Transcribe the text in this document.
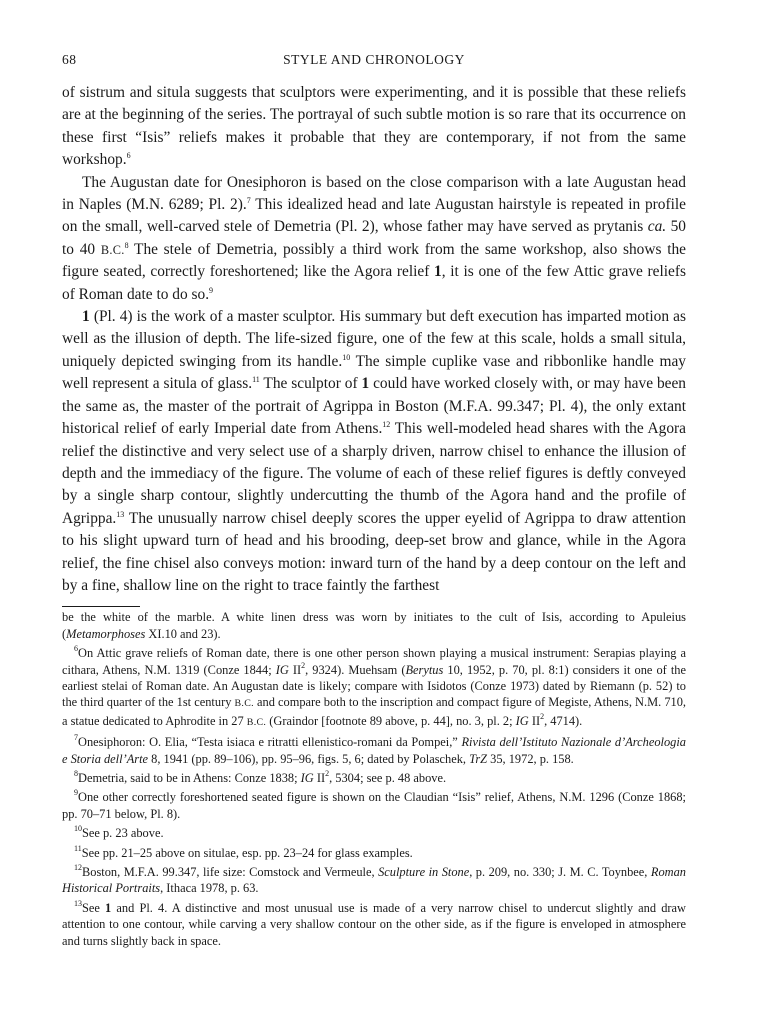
68	STYLE AND CHRONOLOGY

of sistrum and situla suggests that sculptors were experimenting, and it is possible that these reliefs are at the beginning of the series. The portrayal of such subtle motion is so rare that its occurrence on these first “Isis” reliefs makes it probable that they are contemporary, if not from the same workshop.$^6$

The Augustan date for Onesiphoron is based on the close comparison with a late Augustan head in Naples (M.N. 6289; Pl. 2).$^7$ This idealized head and late Augustan hairstyle is repeated in profile on the small, well-carved stele of Demetria (Pl. 2), whose father may have served as prytanis ca. 50 to 40 B.C.$^8$ The stele of Demetria, possibly a third work from the same workshop, also shows the figure seated, correctly foreshortened; like the Agora relief 1, it is one of the few Attic grave reliefs of Roman date to do so.$^9$

1 (Pl. 4) is the work of a master sculptor. His summary but deft execution has imparted motion as well as the illusion of depth. The life-sized figure, one of the few at this scale, holds a small situla, uniquely depicted swinging from its handle.$^{10}$ The simple cuplike vase and ribbonlike handle may well represent a situla of glass.$^{11}$ The sculptor of 1 could have worked closely with, or may have been the same as, the master of the portrait of Agrippa in Boston (M.F.A. 99.347; Pl. 4), the only extant historical relief of early Imperial date from Athens.$^{12}$ This well-modeled head shares with the Agora relief the distinctive and very select use of a sharply driven, narrow chisel to enhance the illusion of depth and the immediacy of the figure. The volume of each of these relief figures is deftly conveyed by a single sharp contour, slightly undercutting the thumb of the Agora hand and the profile of Agrippa.$^{13}$ The unusually narrow chisel deeply scores the upper eyelid of Agrippa to draw attention to his slight upward turn of head and his brooding, deep-set brow and glance, while in the Agora relief, the fine chisel also conveys motion: inward turn of the hand by a deep contour on the left and by a fine, shallow line on the right to trace faintly the farthest

be the white of the marble. A white linen dress was worn by initiates to the cult of Isis, according to Apuleius (Metamorphoses XI.10 and 23).

$^6$On Attic grave reliefs of Roman date, there is one other person shown playing a musical instrument: Serapias playing a cithara, Athens, N.M. 1319 (Conze 1844; IG $II^2$, 9324). Muehsam (Berytus 10, 1952, p. 70, pl. 8:1) considers it one of the earliest stelai of Roman date. An Augustan date is likely; compare with Isidotos (Conze 1973) dated by Riemann (p. 52) to the third quarter of the 1st century B.C. and compare both to the inscription and compact figure of Megiste, Athens, N.M. 710, a statue dedicated to Aphrodite in 27 B.C. (Graindor [footnote 89 above, p. 44], no. 3, pl. 2; IG $II^2$, 4714).

$^7$Onesiphoron: O. Elia, “Testa isiaca e ritratti ellenistico-romani da Pompei,” Rivista dell’Istituto Nazionale d’Archeologia e Storia dell’Arte 8, 1941 (pp. 89–106), pp. 95–96, figs. 5, 6; dated by Polaschek, TrZ 35, 1972, p. 158.

$^8$Demetria, said to be in Athens: Conze 1838; IG $II^2$, 5304; see p. 48 above.

$^9$One other correctly foreshortened seated figure is shown on the Claudian “Isis” relief, Athens, N.M. 1296 (Conze 1868; pp. 70–71 below, Pl. 8).

$^{10}$See p. 23 above.

$^{11}$See pp. 21–25 above on situlae, esp. pp. 23–24 for glass examples.

$^{12}$Boston, M.F.A. 99.347, life size: Comstock and Vermeule, Sculpture in Stone, p. 209, no. 330; J. M. C. Toynbee, Roman Historical Portraits, Ithaca 1978, p. 63.

$^{13}$See 1 and Pl. 4. A distinctive and most unusual use is made of a very narrow chisel to undercut slightly and draw attention to one contour, while carving a very shallow contour on the other side, as if the figure is enveloped in atmosphere and turns slightly back in space.
